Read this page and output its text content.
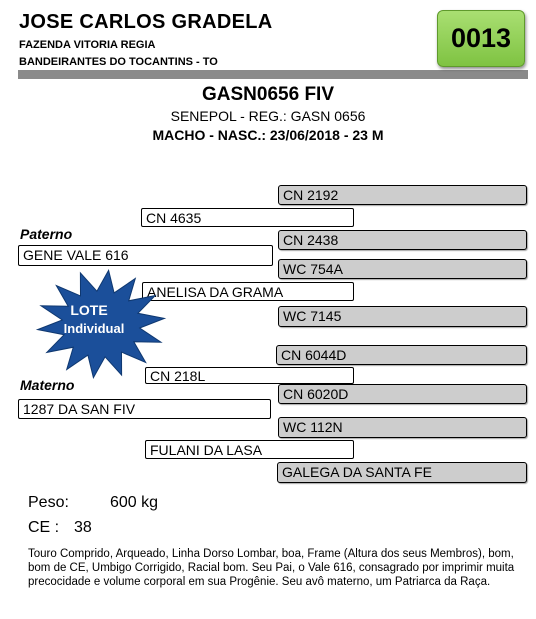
JOSE CARLOS GRADELA
FAZENDA VITORIA REGIA
BANDEIRANTES DO TOCANTINS - TO
0013
GASN0656 FIV
SENEPOL - REG.: GASN 0656
MACHO - NASC.: 23/06/2018 - 23 M
CN 2192
CN 4635
Paterno	CN 2438
GENE VALE 616
WC 754A
ANELISA DA GRAMA
WC 7145
LOTE
Individual
CN 6044D
CN 218L
Materno
CN 6020D
1287 DA SAN FIV
WC 112N
FULANI DA LASA
GALEGA DA SANTA FE
Peso:	600 kg
CE : 38
Touro Comprido, Arqueado, Linha Dorso Lombar, boa, Frame (Altura dos seus Membros), bom, bom de CE, Umbigo Corrigido, Racial bom. Seu Pai, o Vale 616, consagrado por imprimir muita precocidade e volume corporal em sua Progênie. Seu avô materno, um Patriarca da Raça.
